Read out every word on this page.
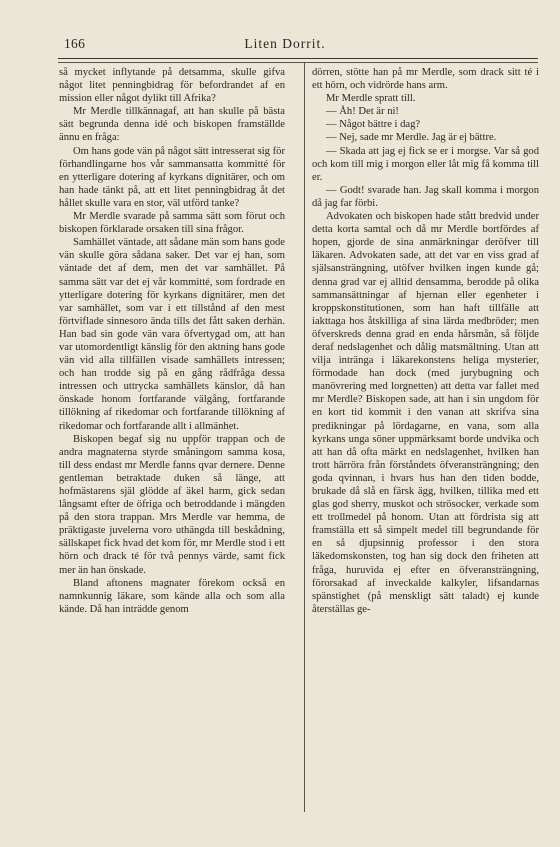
166	Liten Dorrit.

så mycket inflytande på detsamma, skulle gifva något litet penningbidrag för befordrandet af en mission eller något dylikt till Afrika?

Mr Merdle tillkännagaf, att han skulle på bästa sätt begrunda denna idé och biskopen framställde ännu en fråga:

Om hans gode vän på något sätt intresserat sig för förhandlingarne hos vår sammansatta kommitté för en ytterligare dotering af kyrkans dignitärer, och om han hade tänkt på, att ett litet penningbidrag åt det hållet skulle vara en stor, väl utförd tanke?

Mr Merdle svarade på samma sätt som förut och biskopen förklarade orsaken till sina frågor.

Samhället väntade, att sådane män som hans gode vän skulle göra sådana saker. Det var ej han, som väntade det af dem, men det var samhället. På samma sätt var det ej vår kommitté, som fordrade en ytterligare dotering för kyrkans dignitärer, men det var samhället, som var i ett tillstånd af den mest förtviflade sinnesoro ända tills det fått saken derhän. Han bad sin gode vän vara öfvertygad om, att han var utomordentligt känslig för den aktning hans gode vän vid alla tillfällen visade samhällets intressen; och han trodde sig på en gång rådfråga dessa intressen och uttrycka samhällets känslor, då han önskade honom fortfarande välgång, fortfarande tillökning af rikedomar och fortfarande tillökning af rikedomar och fortfarande allt i allmänhet.

Biskopen begaf sig nu uppför trappan och de andra magnaterna styrde småningom samma kosa, till dess endast mr Merdle fanns qvar dernere. Denne gentleman betraktade duken så länge, att hofmästarens själ glödde af äkel harm, gick sedan långsamt efter de öfriga och betroddande i mängden på den stora trappan. Mrs Merdle var hemma, de präktigaste juvelerna voro uthängda till beskådning, sällskapet fick hvad det kom för, mr Merdle stod i ett hörn och drack té för två pennys värde, samt fick mer än han önskade.

Bland aftonens magnater förekom också en namnkunnig läkare, som kände alla och som alla kände. Då han inträdde genom

dörren, stötte han på mr Merdle, som drack sitt té i ett hörn, och vidrörde hans arm.

Mr Merdle spratt till.

— Åh! Det är ni!

— Något bättre i dag?

— Nej, sade mr Merdle. Jag är ej bättre.

— Skada att jag ej fick se er i morgse. Var så god och kom till mig i morgon eller låt mig få komma till er.

— Godt! svarade han. Jag skall komma i morgon då jag far förbi.

Advokaten och biskopen hade stått bredvid under detta korta samtal och då mr Merdle bortfördes af hopen, gjorde de sina anmärkningar deröfver till läkaren. Advokaten sade, att det var en viss grad af själsansträngning, utöfver hvilken ingen kunde gå; denna grad var ej alltid densamma, berodde på olika sammansättningar af hjernan eller egenheter i kroppskonstitutionen, som han haft tillfälle att iakttaga hos åtskilliga af sina lärda medbröder; men öfverskreds denna grad en enda hårsmån, så följde deraf nedslagenhet och dålig matsmältning. Utan att vilja intränga i läkarekonstens heliga mysterier, förmodade han dock (med jurybugning och manövrering med lorgnetten) att detta var fallet med mr Merdle? Biskopen sade, att han i sin ungdom för en kort tid kommit i den vanan att skrifva sina predikningar på lördagarne, en vana, som alla kyrkans unga söner uppmärksamt borde undvika och att han då ofta märkt en nedslagenhet, hvilken han trott härröra från förståndets öfveransträngning; den goda qvinnan, i hvars hus han den tiden bodde, brukade då slå en färsk ägg, hvilken, tillika med ett glas god sherry, muskot och strösocker, verkade som ett trollmedel på honom. Utan att fördrista sig att framställa ett så simpelt medel till begrundande för en så djupsinnig professor i den stora läkedomskonsten, tog han sig dock den friheten att fråga, huruvida ej efter en öfveransträngning, förorsakad af inveckalde kalkyler, lifsandarnas spänstighet (på menskligt sätt taladt) ej kunde återställas ge-
